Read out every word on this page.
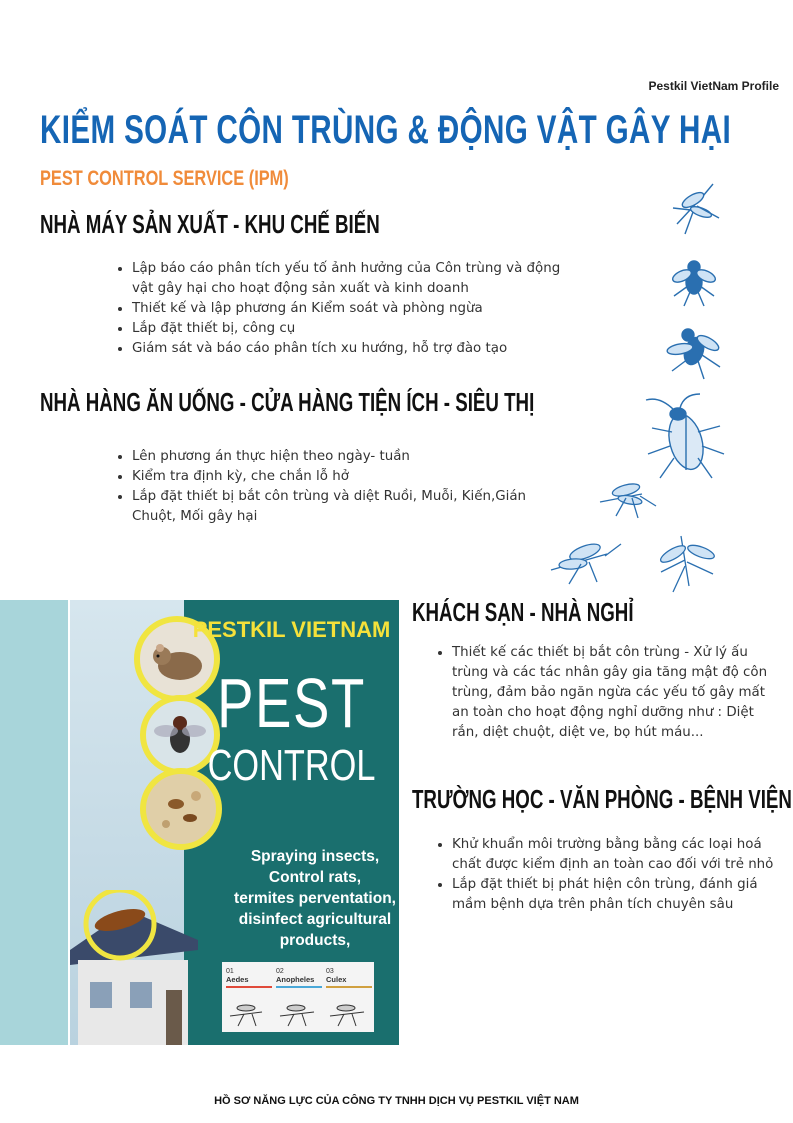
Pestkil VietNam Profile
KIỂM SOÁT CÔN TRÙNG & ĐỘNG VẬT GÂY HẠI
PEST CONTROL SERVICE (IPM)
NHÀ MÁY SẢN XUẤT - KHU CHẾ BIẾN
• Lập báo cáo phân tích yếu tố ảnh hưởng của Côn trùng và động vật gây hại cho hoạt động sản xuất và kinh doanh
• Thiết kế và lập phương án Kiểm soát và phòng ngừa
• Lắp đặt thiết bị, công cụ
• Giám sát và báo cáo phân tích xu hướng, hỗ trợ đào tạo
NHÀ HÀNG ĂN UỐNG - CỬA HÀNG TIỆN ÍCH - SIÊU THỊ
• Lên phương án thực hiện theo ngày- tuần
• Kiểm tra định kỳ, che chắn lỗ hở
• Lắp đặt thiết bị bắt côn trùng và diệt Ruồi, Muỗi, Kiến,Gián Chuột, Mối gây hại
KHÁCH SẠN - NHÀ NGHỈ
• Thiết kế các thiết bị bắt côn trùng - Xử lý ấu trùng và các tác nhân gây gia tăng mật độ côn trùng, đảm bảo ngăn ngừa các yếu tố gây mất an toàn cho hoạt động nghỉ dưỡng như : Diệt rắn, diệt chuột, diệt ve, bọ hút máu...
TRƯỜNG HỌC - VĂN PHÒNG - BỆNH VIỆN
• Khử khuẩn môi trường bằng bằng các loại hoá chất được kiểm định an toàn cao đối với trẻ nhỏ
• Lắp đặt thiết bị phát hiện côn trùng, đánh giá mầm bệnh dựa trên phân tích chuyên sâu
PESTKIL VIETNAM
PEST
CONTROL
Spraying insects,
Control rats,
termites perventation,
disinfect agricultural
products,
01
Aedes
02
Anopheles
03
Culex
HỒ SƠ NĂNG LỰC CỦA CÔNG TY TNHH DỊCH VỤ PESTKIL VIỆT NAM
